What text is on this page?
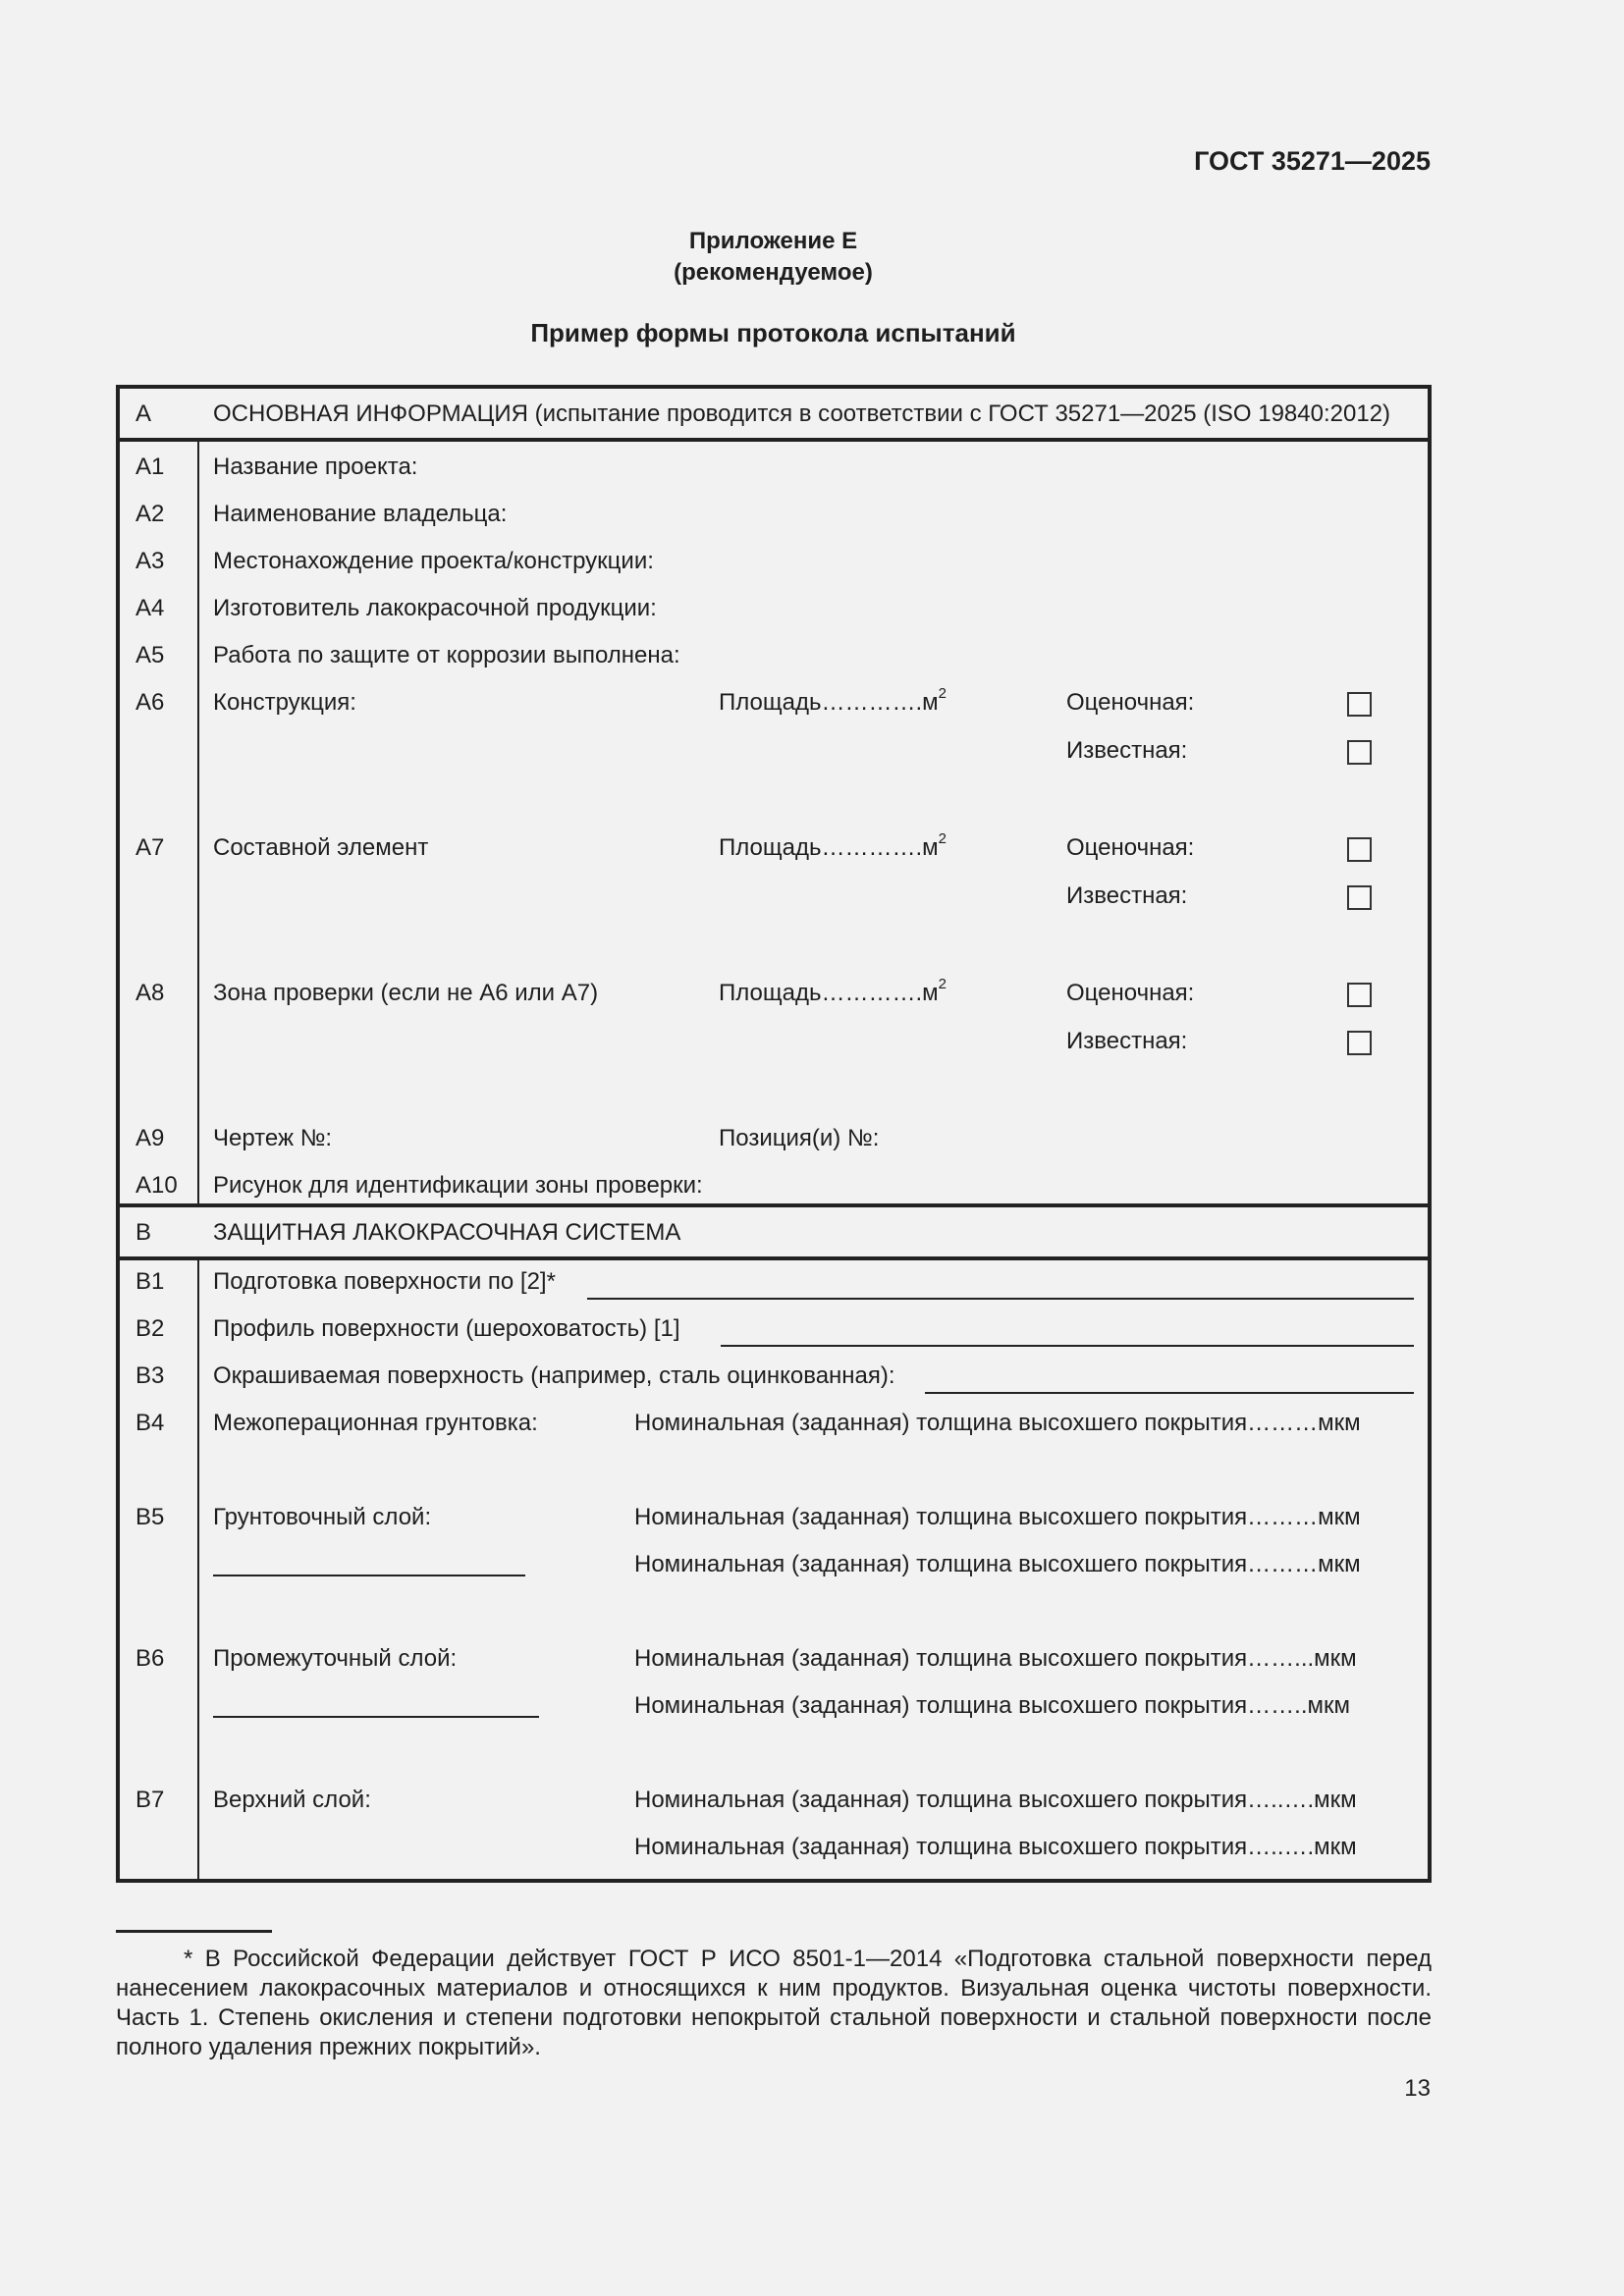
ГОСТ 35271—2025
Приложение Е
(рекомендуемое)
Пример формы протокола испытаний
А	ОСНОВНАЯ ИНФОРМАЦИЯ (испытание проводится в соответствии с ГОСТ 35271—2025 (ISO 19840:2012)
А1 Название проекта:
А2 Наименование владельца:
А3 Местонахождение проекта/конструкции:
А4 Изготовитель лакокрасочной продукции:
А5 Работа по защите от коррозии выполнена:
А6 Конструкция:	$Площадь\dots\dots\dots\dots.м^2$	Оценочная:
Известная:
А7 Составной элемент	$Площадь\dots\dots\dots\dots.м^2$	Оценочная:
Известная:
А8 Зона проверки (если не А6 или А7)	$Площадь\dots\dots\dots\dots.м^2$	Оценочная:
Известная:
А9 Чертеж №:	Позиция(и) №:
А10 Рисунок для идентификации зоны проверки:
В	ЗАЩИТНАЯ ЛАКОКРАСОЧНАЯ СИСТЕМА
В1 Подготовка поверхности по [2]*
В2 Профиль поверхности (шероховатость) [1]
В3 Окрашиваемая поверхность (например, сталь оцинкованная):
В4 Межоперационная грунтовка:	Номинальная (заданная) толщина высохшего покрытия………мкм
В5 Грунтовочный слой:	Номинальная (заданная) толщина высохшего покрытия………мкм
Номинальная (заданная) толщина высохшего покрытия………мкм
В6 Промежуточный слой:	Номинальная (заданная) толщина высохшего покрытия……...мкм
Номинальная (заданная) толщина высохшего покрытия……..мкм
В7 Верхний слой:	Номинальная (заданная) толщина высохшего покрытия…..….мкм
Номинальная (заданная) толщина высохшего покрытия…..….мкм
* В Российской Федерации действует ГОСТ Р ИСО 8501-1—2014 «Подготовка стальной поверхности перед нанесением лакокрасочных материалов и относящихся к ним продуктов. Визуальная оценка чистоты поверхности. Часть 1. Степень окисления и степени подготовки непокрытой стальной поверхности и стальной поверхности после полного удаления прежних покрытий».
13
